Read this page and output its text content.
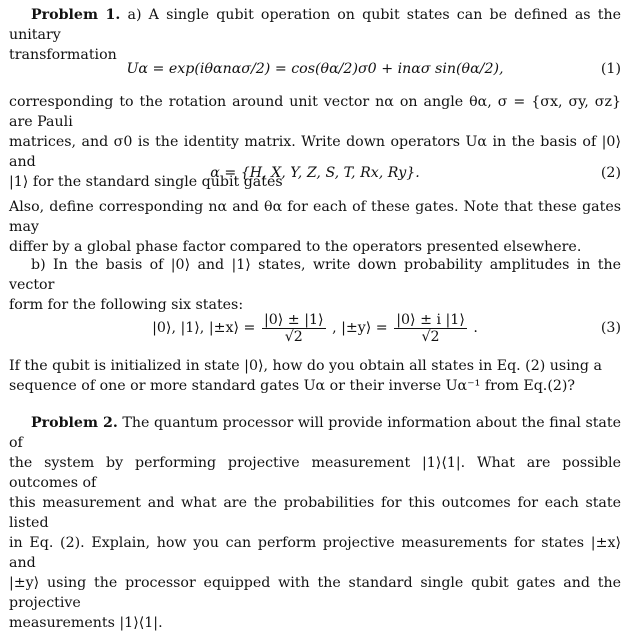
Problem 1. a) A single qubit operation on qubit states can be defined as the unitary
transformation

Uα = exp(iθαnασ/2) = cos(θα/2)σ0 + inασ sin(θα/2),	(1)

corresponding to the rotation around unit vector nα on angle θα, σ = {σx, σy, σz} are Pauli
matrices, and σ0 is the identity matrix. Write down operators Uα in the basis of |0⟩ and
|1⟩ for the standard single qubit gates

α = {H, X, Y, Z, S, T, Rx, Ry}.	(2)

Also, define corresponding nα and θα for each of these gates. Note that these gates may
differ by a global phase factor compared to the operators presented elsewhere.

b) In the basis of |0⟩ and |1⟩ states, write down probability amplitudes in the vector
form for the following six states:

|0⟩, |1⟩, |±x⟩ = $\frac{|0⟩ \pm |1⟩}{√2}$ , |±y⟩ = $\frac{|0⟩ \pm i |1⟩}{√2}$ .	(3)

If the qubit is initialized in state |0⟩, how do you obtain all states in Eq. (2) using a
sequence of one or more standard gates Uα or their inverse Uα⁻¹ from Eq.(2)?

Problem 2. The quantum processor will provide information about the final state of
the system by performing projective measurement |1⟩⟨1|. What are possible outcomes of
this measurement and what are the probabilities for this outcomes for each state listed
in Eq. (2). Explain, how you can perform projective measurements for states |±x⟩ and
|±y⟩ using the processor equipped with the standard single qubit gates and the projective
measurements |1⟩⟨1|.
